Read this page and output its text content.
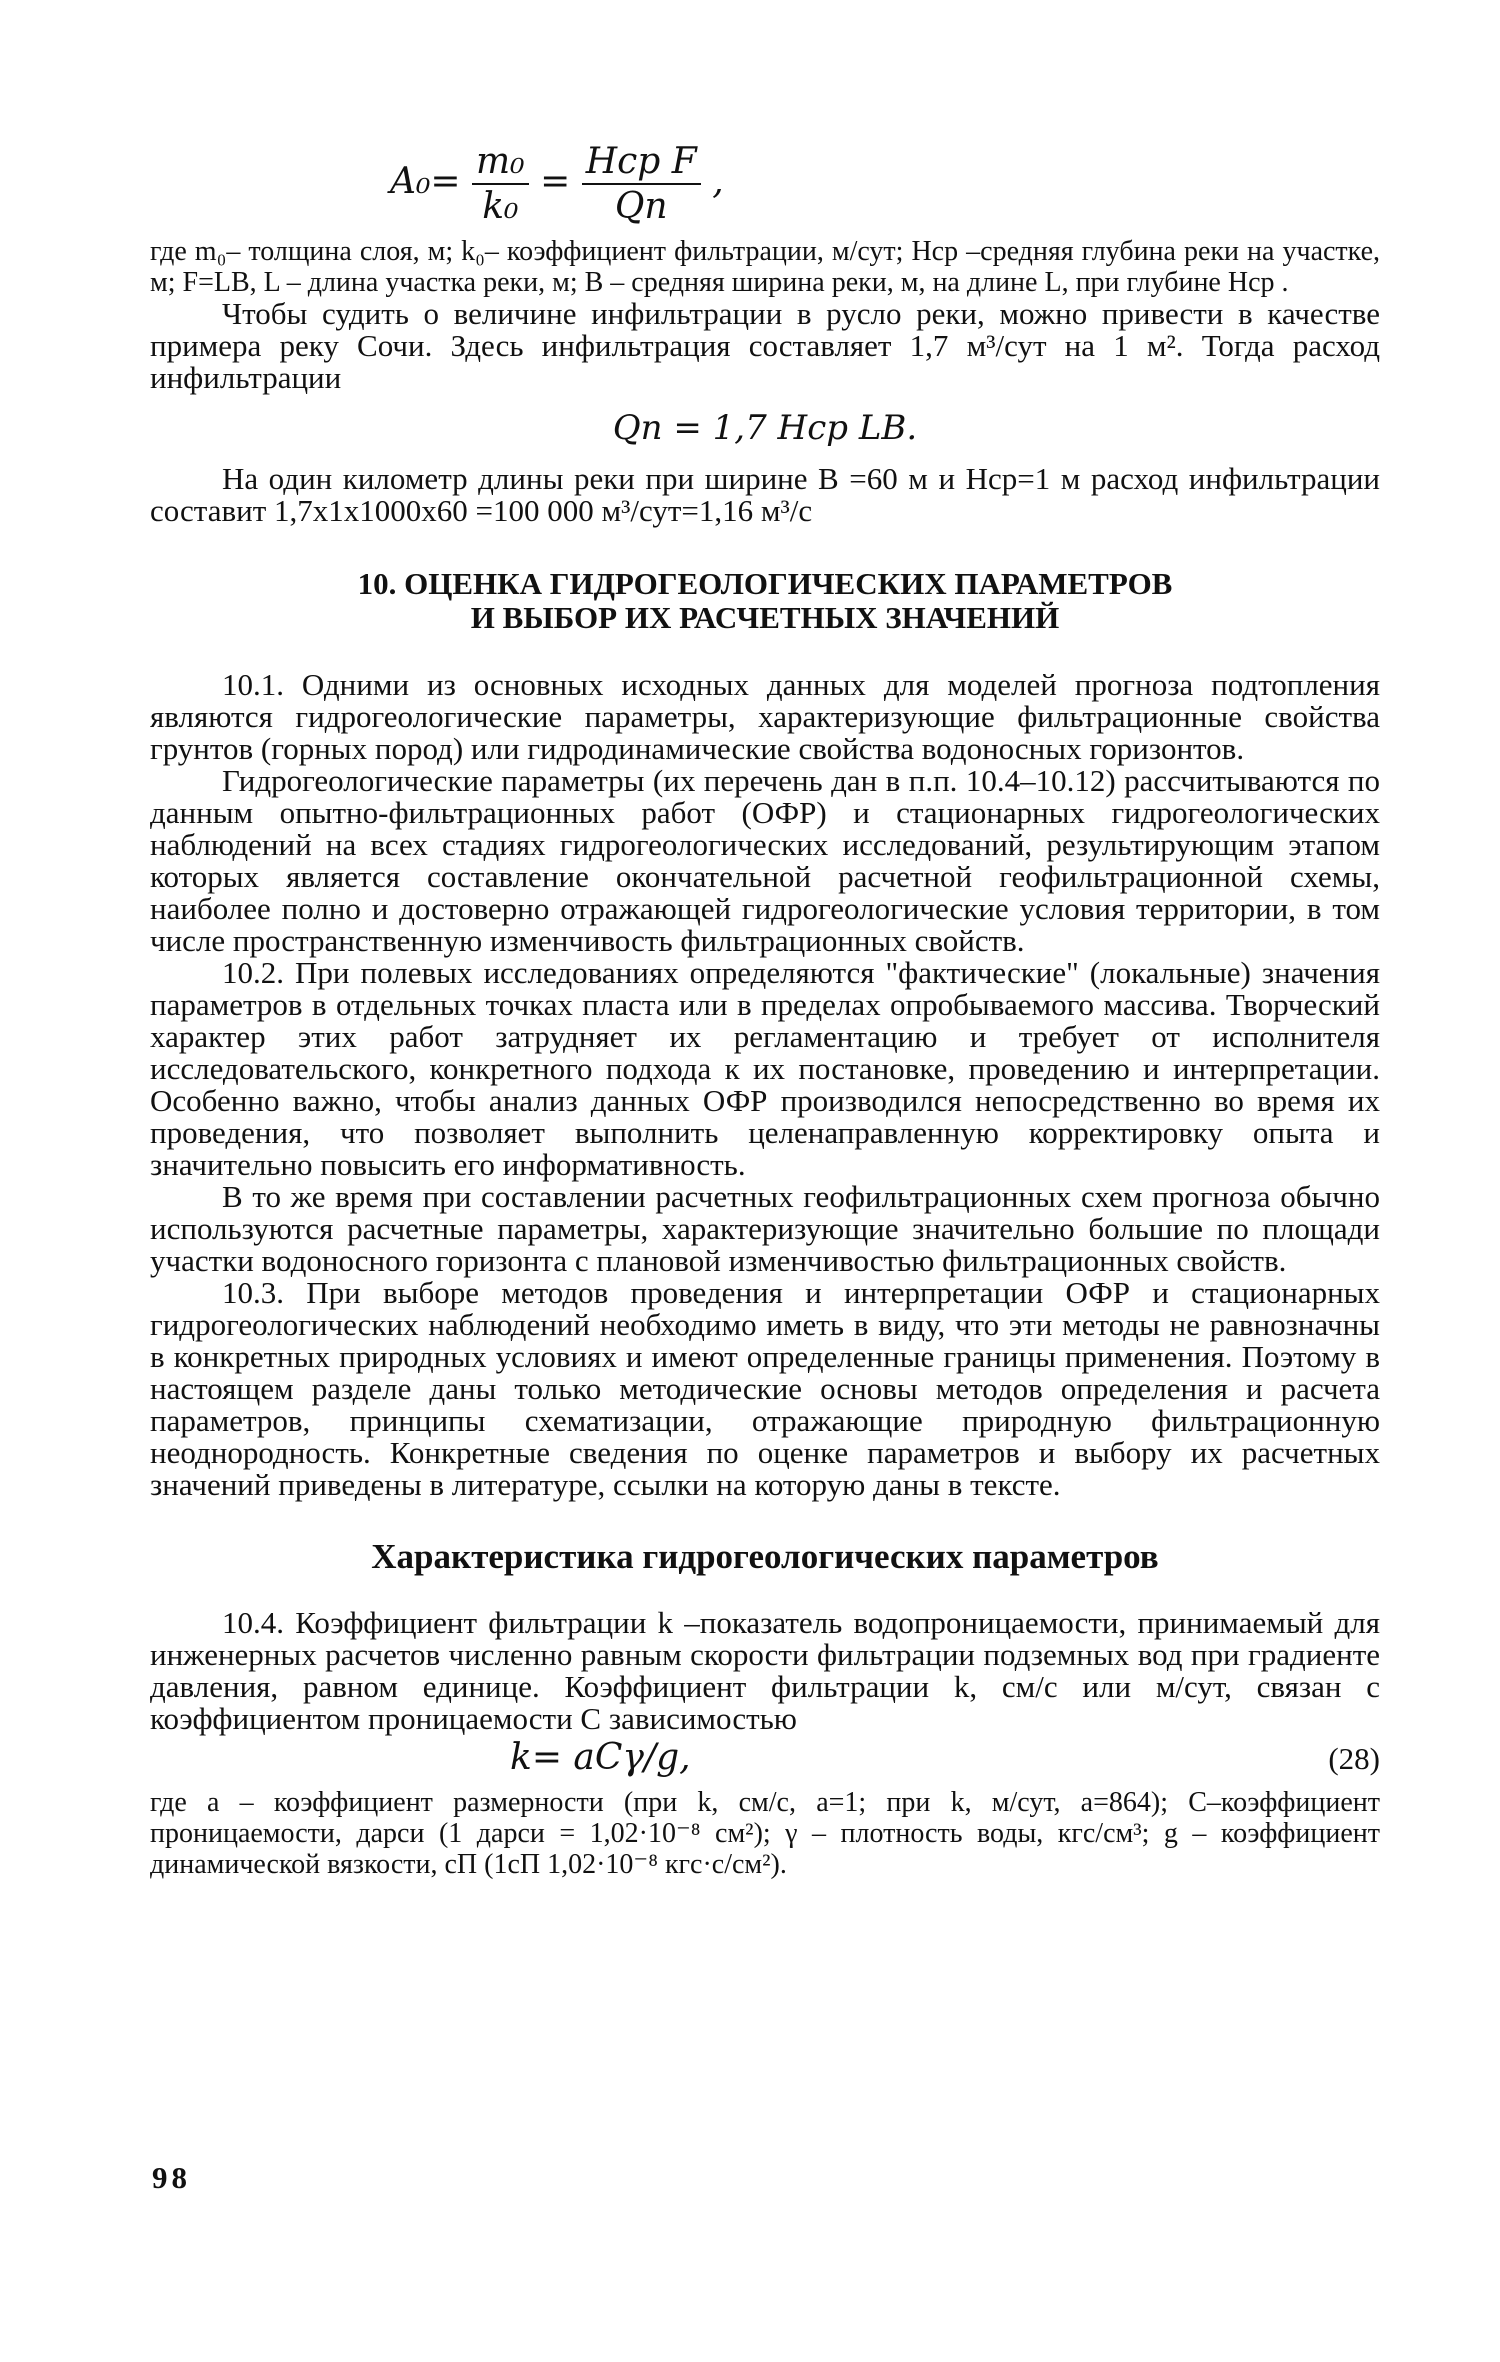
$A_0= \frac{\text{m₀}}{\text{k₀}} = \frac{\text{Hср F}}{Qп}$ ,
где m₀– толщина слоя, м; k₀– коэффициент фильтрации, м/сут; Hср –средняя глубина реки на участке, м; F=LB, L – длина участка реки, м; B – средняя ширина реки, м, на длине L, при глубине Hср .

Чтобы судить о величине инфильтрации в русло реки, можно привести в качестве примера реку Сочи. Здесь инфильтрация составляет 1,7 м³/сут на 1 м². Тогда расход инфильтрации

Qп = 1,7 Hср LB.

На один километр длины реки при ширине B =60 м и Hср=1 м расход инфильтрации составит 1,7x1x1000x60 =100 000 м³/сут=1,16 м³/с

10. ОЦЕНКА ГИДРОГЕОЛОГИЧЕСКИХ ПАРАМЕТРОВ
И ВЫБОР ИХ РАСЧЕТНЫХ ЗНАЧЕНИЙ

10.1. Одними из основных исходных данных для моделей прогноза подтопления являются гидрогеологические параметры, характеризующие фильтрационные свойства грунтов (горных пород) или гидродинамические свойства водоносных горизонтов.

Гидрогеологические параметры (их перечень дан в п.п. 10.4–10.12) рассчитываются по данным опытно-фильтрационных работ (ОФР) и стационарных гидрогеологических наблюдений на всех стадиях гидрогеологических исследований, результирующим этапом которых является составление окончательной расчетной геофильтрационной схемы, наиболее полно и достоверно отражающей гидрогеологические условия территории, в том числе пространственную изменчивость фильтрационных свойств.

10.2. При полевых исследованиях определяются "фактические" (локальные) значения параметров в отдельных точках пласта или в пределах опробываемого массива. Творческий характер этих работ затрудняет их регламентацию и требует от исполнителя исследовательского, конкретного подхода к их постановке, проведению и интерпретации. Особенно важно, чтобы анализ данных ОФР производился непосредственно во время их проведения, что позволяет выполнить целенаправленную корректировку опыта и значительно повысить его информативность.

В то же время при составлении расчетных геофильтрационных схем прогноза обычно используются расчетные параметры, характеризующие значительно большие по площади участки водоносного горизонта с плановой изменчивостью фильтрационных свойств.

10.3. При выборе методов проведения и интерпретации ОФР и стационарных гидрогеологических наблюдений необходимо иметь в виду, что эти методы не равнозначны в конкретных природных условиях и имеют определенные границы применения. Поэтому в настоящем разделе даны только методические основы методов определения и расчета параметров, принципы схематизации, отражающие природную фильтрационную неоднородность. Конкретные сведения по оценке параметров и выбору их расчетных значений приведены в литературе, ссылки на которую даны в тексте.

Характеристика гидрогеологических параметров

10.4. Коэффициент фильтрации k –показатель водопроницаемости, принимаемый для инженерных расчетов численно равным скорости фильтрации подземных вод при градиенте давления, равном единице. Коэффициент фильтрации k, см/с или м/сут, связан с коэффициентом проницаемости C зависимостью

k= aCγ/g,	(28)
где a – коэффициент размерности (при k, см/с, a=1; при k, м/сут, a=864); C–коэффициент проницаемости, дарси (1 дарси = 1,02·10⁻⁸ см²); γ – плотность воды, кгс/см³; g – коэффициент динамической вязкости, сП (1сП 1,02·10⁻⁸ кгс·с/см²).
98
